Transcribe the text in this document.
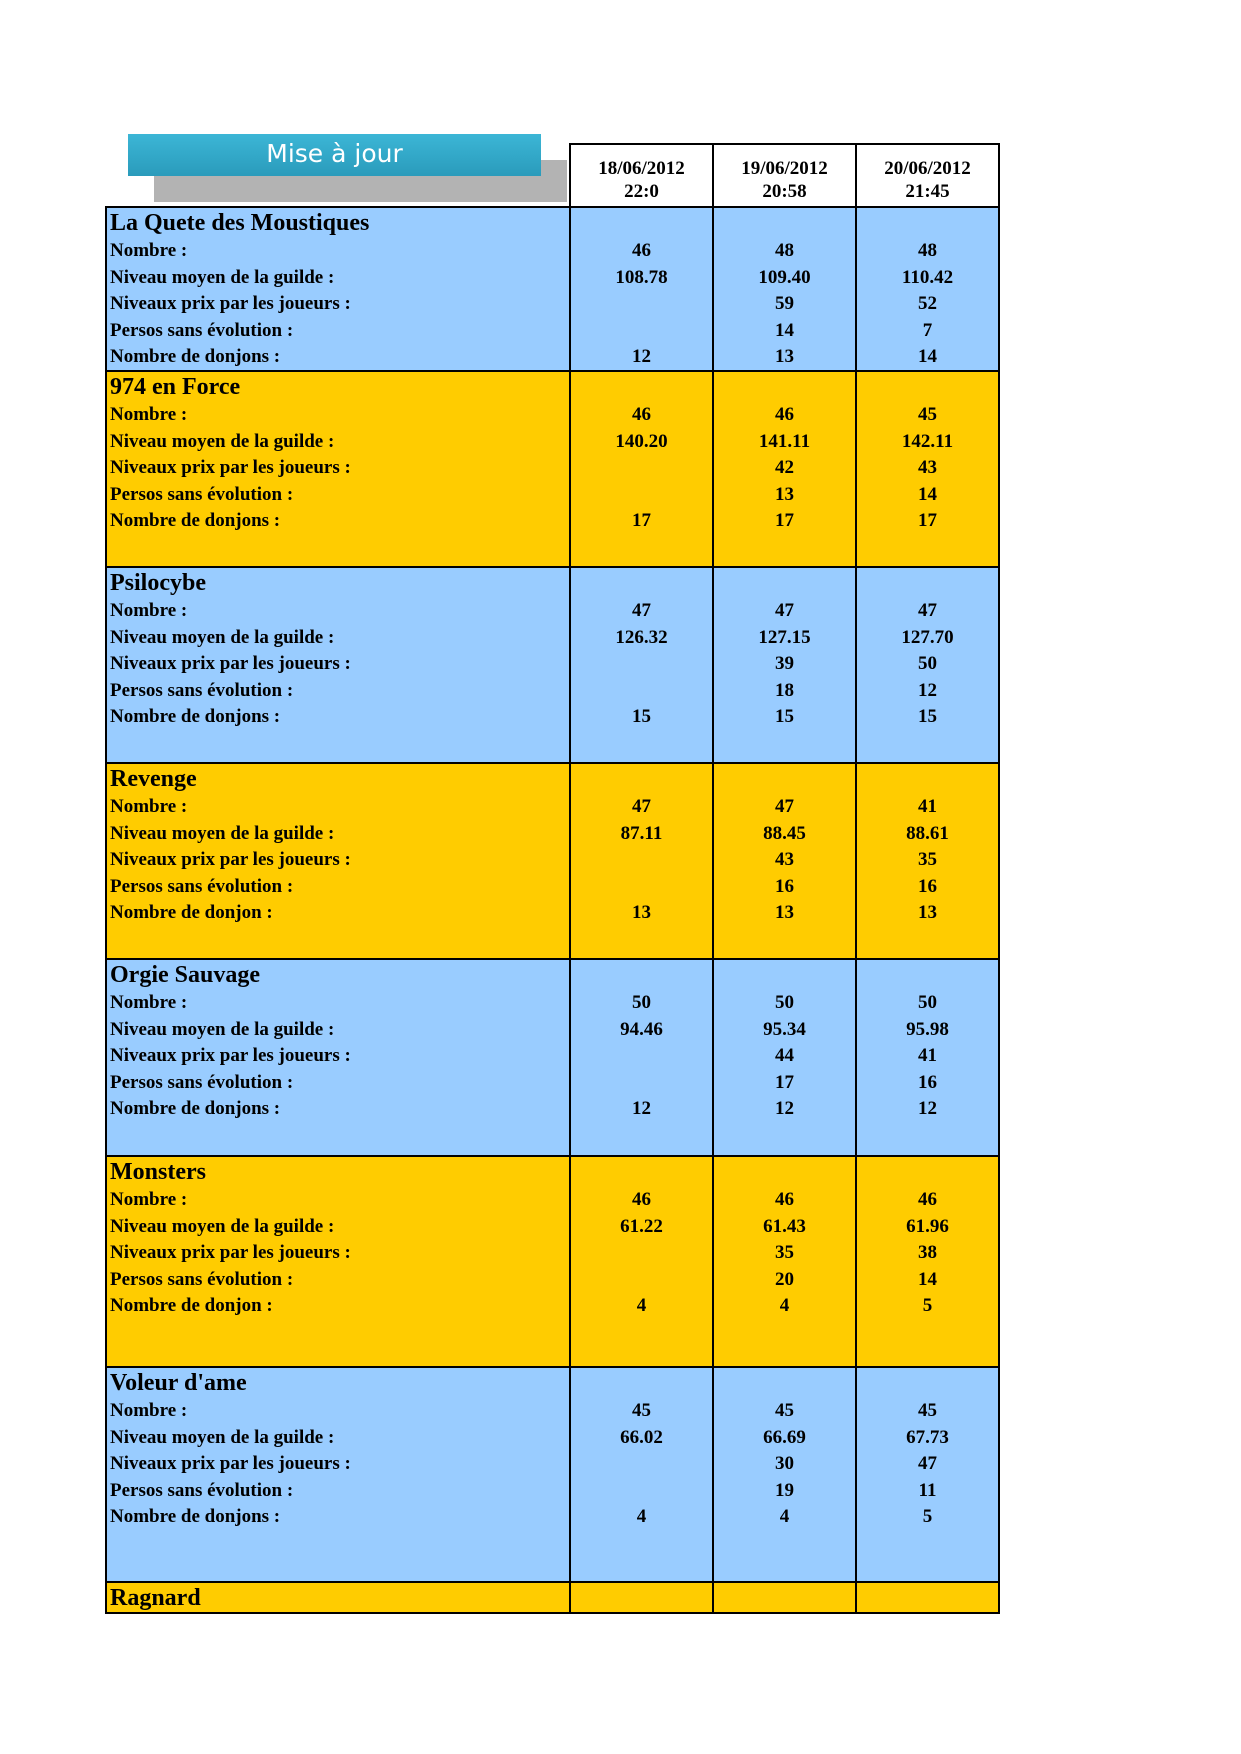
Mise à jour
18/06/2012
22:0
19/06/2012
20:58
20/06/2012
21:45
La Quete des Moustiques
Nombre :
Niveau moyen de la guilde :
Niveaux prix par les joueurs :
Persos sans évolution :
Nombre de donjons :
46
108.78
12
48
109.40
59
14
13
48
110.42
52
7
14
974 en Force
Nombre :
Niveau moyen de la guilde :
Niveaux prix par les joueurs :
Persos sans évolution :
Nombre de donjons :
46
140.20
17
46
141.11
42
13
17
45
142.11
43
14
17
Psilocybe
Nombre :
Niveau moyen de la guilde :
Niveaux prix par les joueurs :
Persos sans évolution :
Nombre de donjons :
47
126.32
15
47
127.15
39
18
15
47
127.70
50
12
15
Revenge
Nombre :
Niveau moyen de la guilde :
Niveaux prix par les joueurs :
Persos sans évolution :
Nombre de donjon :
47
87.11
13
47
88.45
43
16
13
41
88.61
35
16
13
Orgie Sauvage
Nombre :
Niveau moyen de la guilde :
Niveaux prix par les joueurs :
Persos sans évolution :
Nombre de donjons :
50
94.46
12
50
95.34
44
17
12
50
95.98
41
16
12
Monsters
Nombre :
Niveau moyen de la guilde :
Niveaux prix par les joueurs :
Persos sans évolution :
Nombre de donjon :
46
61.22
4
46
61.43
35
20
4
46
61.96
38
14
5
Voleur d'ame
Nombre :
Niveau moyen de la guilde :
Niveaux prix par les joueurs :
Persos sans évolution :
Nombre de donjons :
45
66.02
4
45
66.69
30
19
4
45
67.73
47
11
5
Ragnard
